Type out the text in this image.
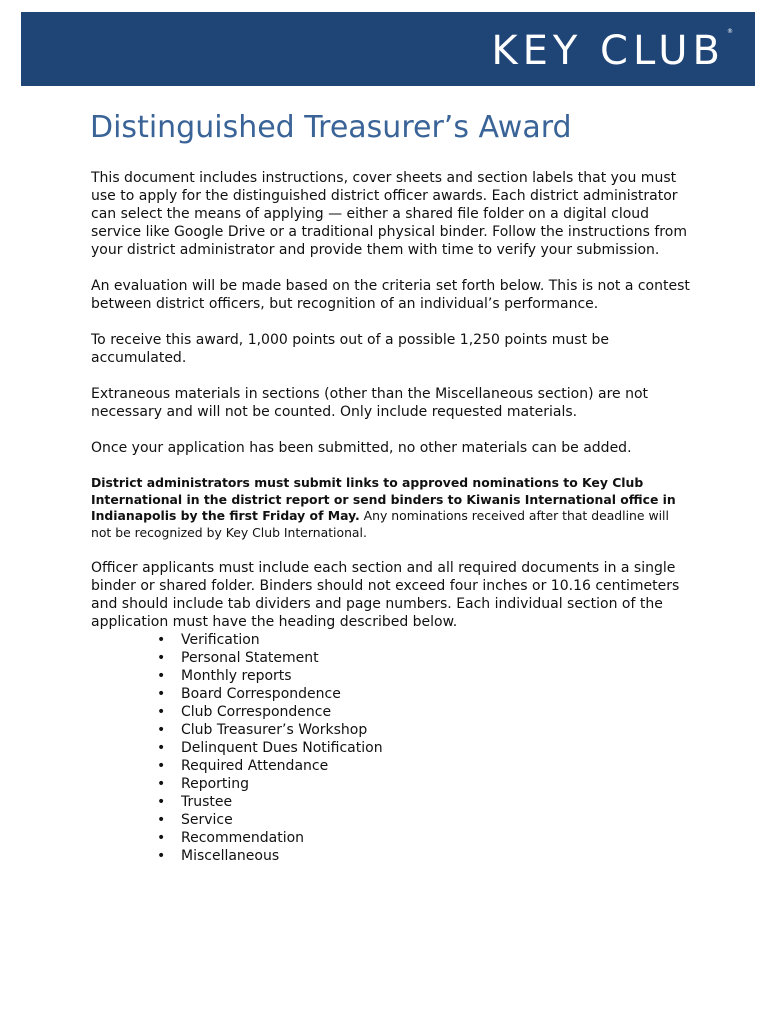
KEY CLUB ®
Distinguished Treasurer’s Award

This document includes instructions, cover sheets and section labels that you must use to apply for the distinguished district officer awards. Each district administrator can select the means of applying — either a shared file folder on a digital cloud service like Google Drive or a traditional physical binder. Follow the instructions from your district administrator and provide them with time to verify your submission.

An evaluation will be made based on the criteria set forth below. This is not a contest between district officers, but recognition of an individual’s performance.

To receive this award, 1,000 points out of a possible 1,250 points must be accumulated.

Extraneous materials in sections (other than the Miscellaneous section) are not necessary and will not be counted. Only include requested materials.

Once your application has been submitted, no other materials can be added.

District administrators must submit links to approved nominations to Key Club International in the district report or send binders to Kiwanis International office in Indianapolis by the first Friday of May. Any nominations received after that deadline will not be recognized by Key Club International.

Officer applicants must include each section and all required documents in a single binder or shared folder. Binders should not exceed four inches or 10.16 centimeters and should include tab dividers and page numbers. Each individual section of the application must have the heading described below.

• Verification
• Personal Statement
• Monthly reports
• Board Correspondence
• Club Correspondence
• Club Treasurer’s Workshop
• Delinquent Dues Notification
• Required Attendance
• Reporting
• Trustee
• Service
• Recommendation
• Miscellaneous
